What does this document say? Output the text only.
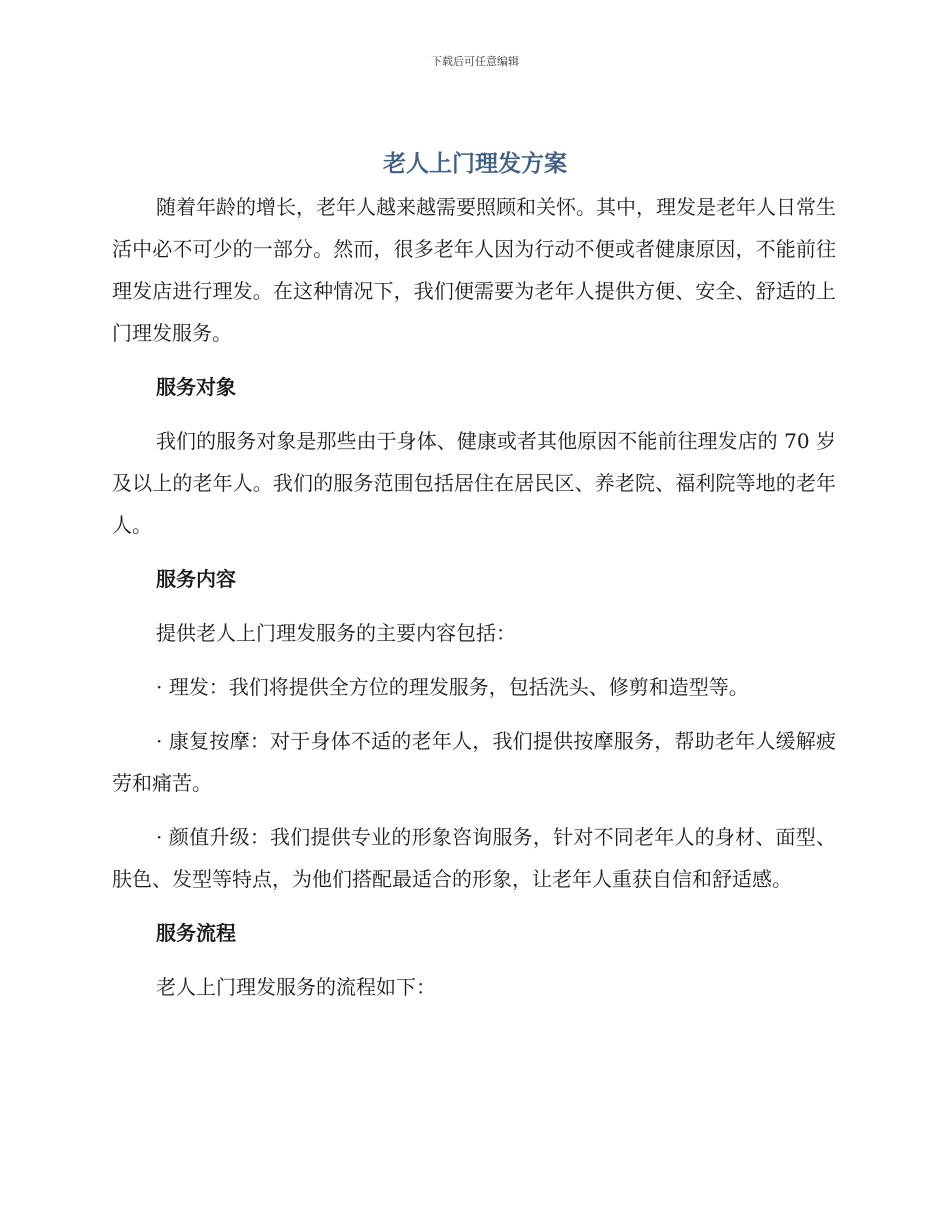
下载后可任意编辑
老人上门理发方案

随着年龄的增长，老年人越来越需要照顾和关怀。其中，理发是老年人日常生活中必不可少的一部分。然而，很多老年人因为行动不便或者健康原因，不能前往理发店进行理发。在这种情况下，我们便需要为老年人提供方便、安全、舒适的上门理发服务。

服务对象

我们的服务对象是那些由于身体、健康或者其他原因不能前往理发店的 70 岁及以上的老年人。我们的服务范围包括居住在居民区、养老院、福利院等地的老年人。

服务内容

提供老人上门理发服务的主要内容包括：

· 理发：我们将提供全方位的理发服务，包括洗头、修剪和造型等。

· 康复按摩：对于身体不适的老年人，我们提供按摩服务，帮助老年人缓解疲劳和痛苦。

· 颜值升级：我们提供专业的形象咨询服务，针对不同老年人的身材、面型、肤色、发型等特点，为他们搭配最适合的形象，让老年人重获自信和舒适感。

服务流程

老人上门理发服务的流程如下：
